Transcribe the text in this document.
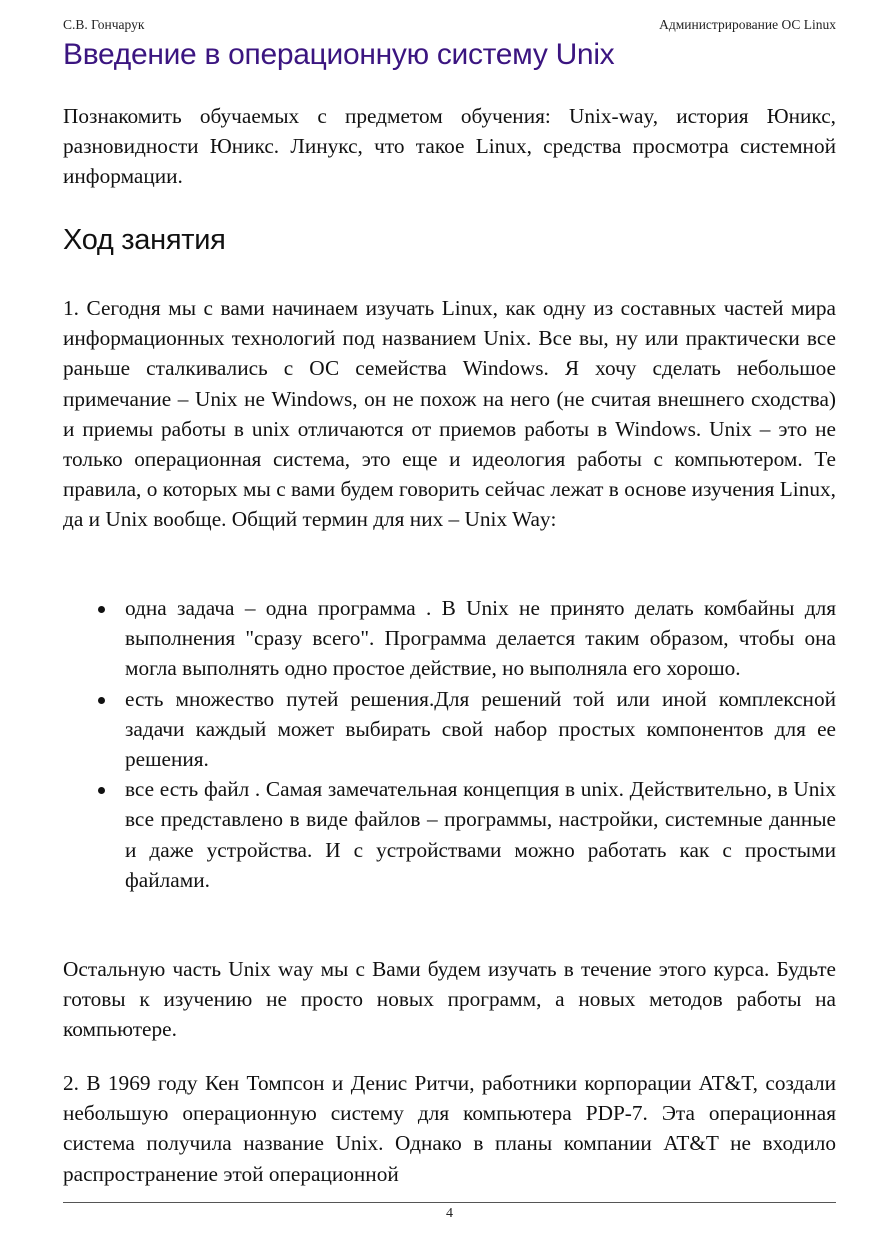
С.В. Гончарук	Администрирование ОС Linux
Введение в операционную систему Unix

Познакомить обучаемых с предметом обучения: Unix-way, история Юникс, разновидности Юникс. Линукс, что такое Linux, средства просмотра системной информации.

Ход занятия

1. Сегодня мы с вами начинаем изучать Linux, как одну из составных частей мира информационных технологий под названием Unix. Все вы, ну или практически все раньше сталкивались с ОС семейства Windows. Я хочу сделать небольшое примечание – Unix не Windows, он не похож на него (не считая внешнего сходства) и приемы работы в unix отличаются от приемов работы в Windows. Unix – это не только операционная система, это еще и идеология работы с компьютером. Те правила, о которых мы с вами будем говорить сейчас лежат в основе изучения Linux, да и Unix вообще. Общий термин для них – Unix Way:

одна задача – одна программа . В Unix не принято делать комбайны для выполнения "сразу всего". Программа делается таким образом, чтобы она могла выполнять одно простое действие, но выполняла его хорошо.
есть множество путей решения.Для решений той или иной комплексной задачи каждый может выбирать свой набор простых компонентов для ее решения.
все есть файл . Самая замечательная концепция в unix. Действительно, в Unix все представлено в виде файлов – программы, настройки, системные данные и даже устройства. И с устройствами можно работать как с простыми файлами.

Остальную часть Unix way мы с Вами будем изучать в течение этого курса. Будьте готовы к изучению не просто новых программ, а новых методов работы на компьютере.

2. В 1969 году Кен Томпсон и Денис Ритчи, работники корпорации AT&T, создали небольшую операционную систему для компьютера PDP-7. Эта операционная система получила название Unix. Однако в планы компании AT&T не входило распространение этой операционной

4
